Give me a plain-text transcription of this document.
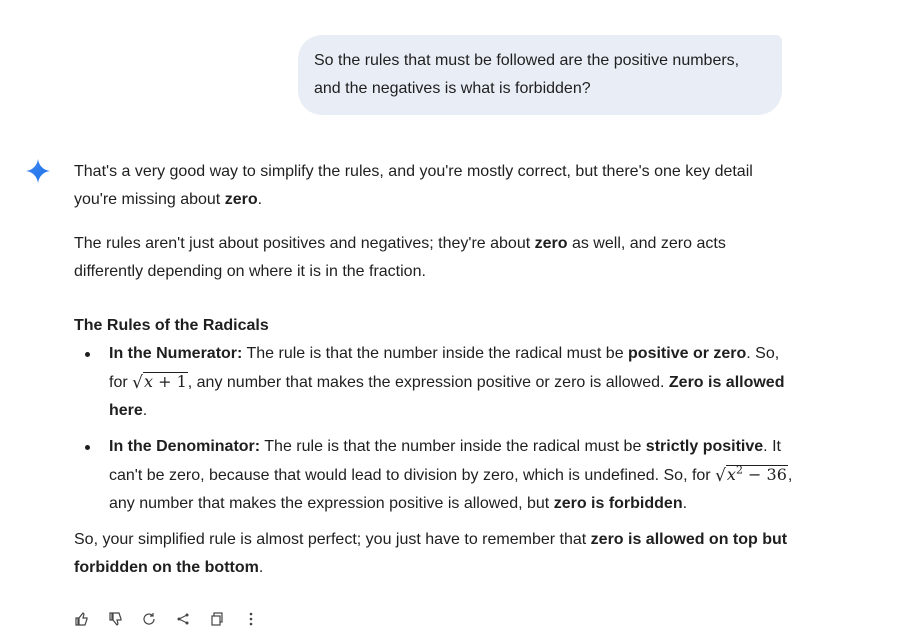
So the rules that must be followed are the positive numbers,

and the negatives is what is forbidden?

That's a very good way to simplify the rules, and you're mostly correct, but there's one key detail you're missing about zero.

The rules aren't just about positives and negatives; they're about zero as well, and zero acts differently depending on where it is in the fraction.

The Rules of the Radicals

In the Numerator: The rule is that the number inside the radical must be positive or zero. So, for √x + 1, any number that makes the expression positive or zero is allowed. Zero is allowed here.
In the Denominator: The rule is that the number inside the radical must be strictly positive. It can't be zero, because that would lead to division by zero, which is undefined. So, for $√x^2 - 36$, any number that makes the expression positive is allowed, but zero is forbidden.

So, your simplified rule is almost perfect; you just have to remember that zero is allowed on top but forbidden on the bottom.
